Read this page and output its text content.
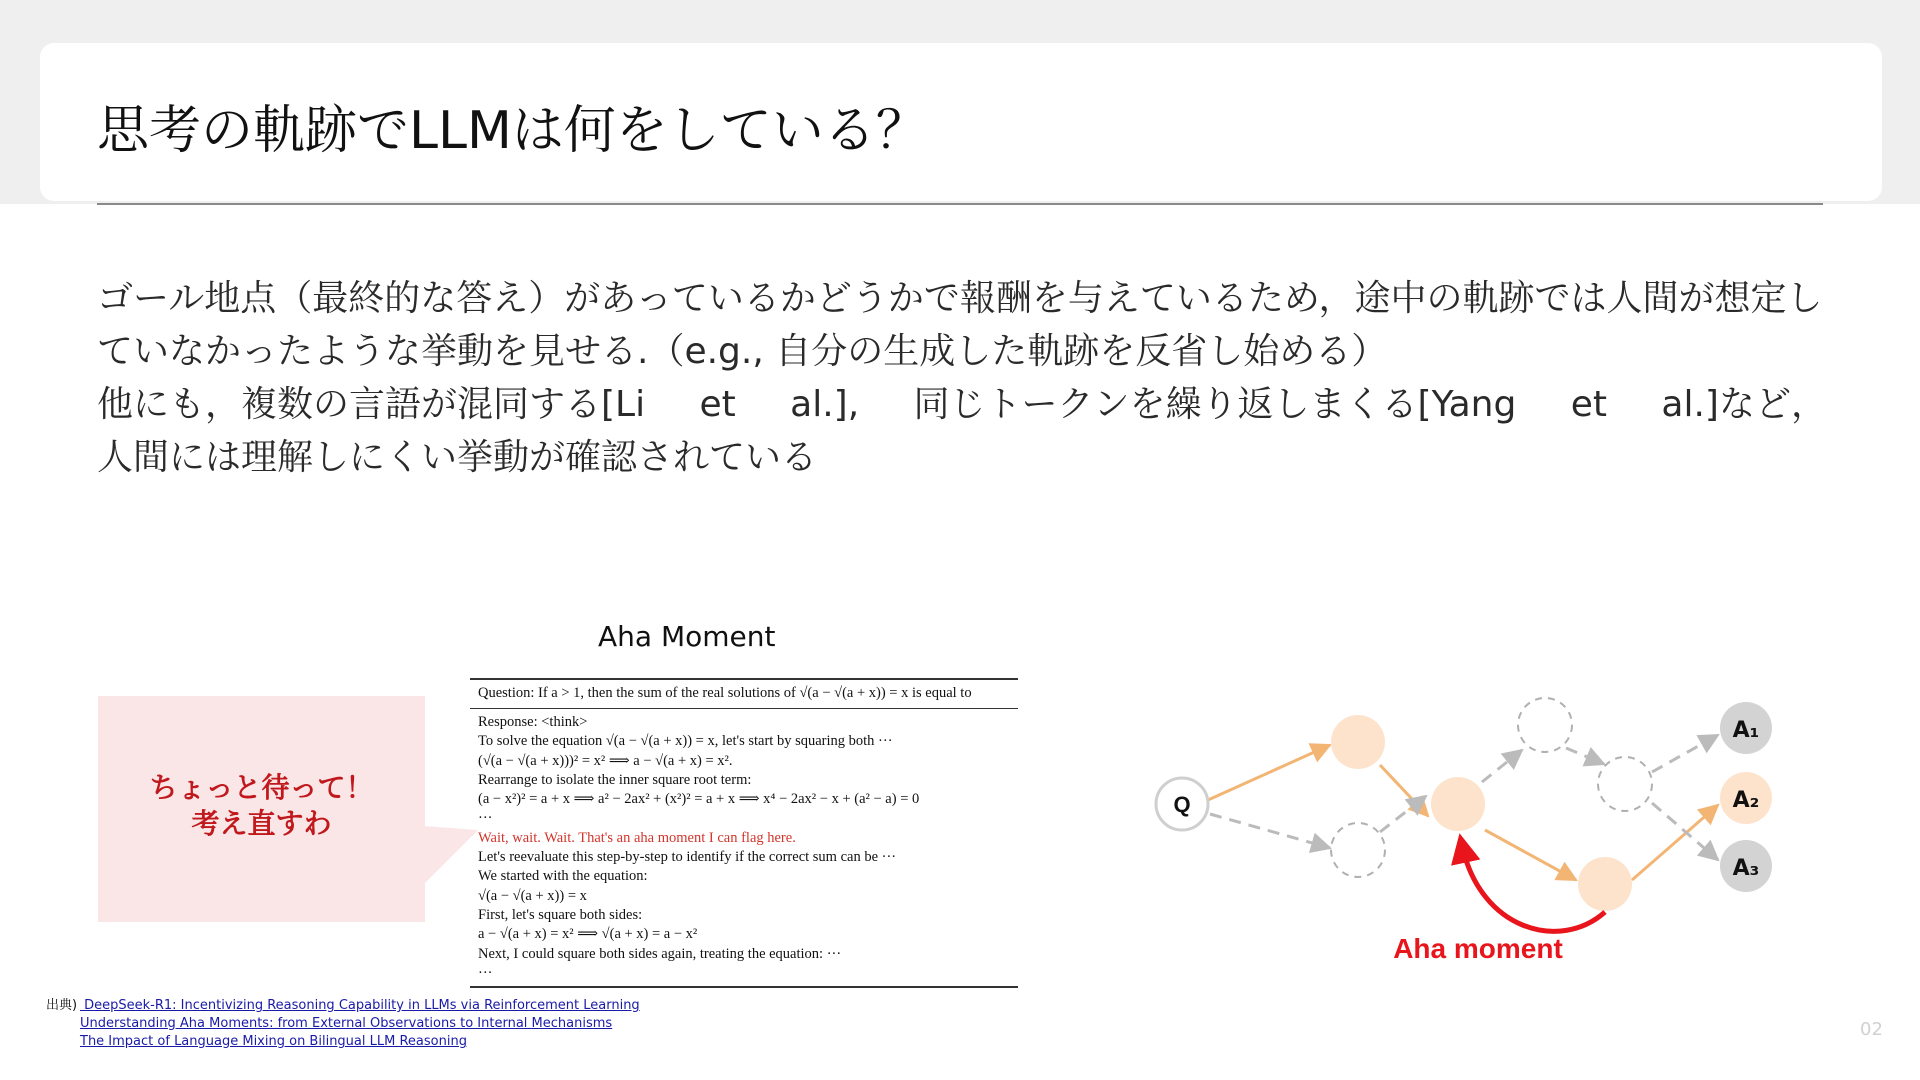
思考の軌跡でLLMは何をしている？
ゴール地点（最終的な答え）があっているかどうかで報酬を与えているため，途中の軌跡では人間が想定し
ていなかったような挙動を見せる.（e.g., 自分の生成した軌跡を反省し始める）
他にも，複数の言語が混同する[Li et al.], 同じトークンを繰り返しまくる[Yang et al.]など，
人間には理解しにくい挙動が確認されている
ちょっと待って！
考え直すわ
Aha Moment
Question: If a > 1, then the sum of the real solutions of √(a − √(a + x)) = x is equal to
Response: <think>
To solve the equation √(a − √(a + x)) = x, let's start by squaring both ···
(√(a − √(a + x)))² = x² ⟹ a − √(a + x) = x².
Rearrange to isolate the inner square root term:
(a − x²)² = a + x ⟹ a² − 2ax² + (x²)² = a + x ⟹ x⁴ − 2ax² − x + (a² − a) = 0
···
Wait, wait. Wait. That's an aha moment I can flag here.
Let's reevaluate this step-by-step to identify if the correct sum can be ···
We started with the equation:
√(a − √(a + x)) = x
First, let's square both sides:
a − √(a + x) = x² ⟹ √(a + x) = a − x²
Next, I could square both sides again, treating the equation: ···
···
Q
A₁
A₂
A₃
Aha moment
出典) DeepSeek-R1: Incentivizing Reasoning Capability in LLMs via Reinforcement Learning
Understanding Aha Moments: from External Observations to Internal Mechanisms
The Impact of Language Mixing on Bilingual LLM Reasoning
02
